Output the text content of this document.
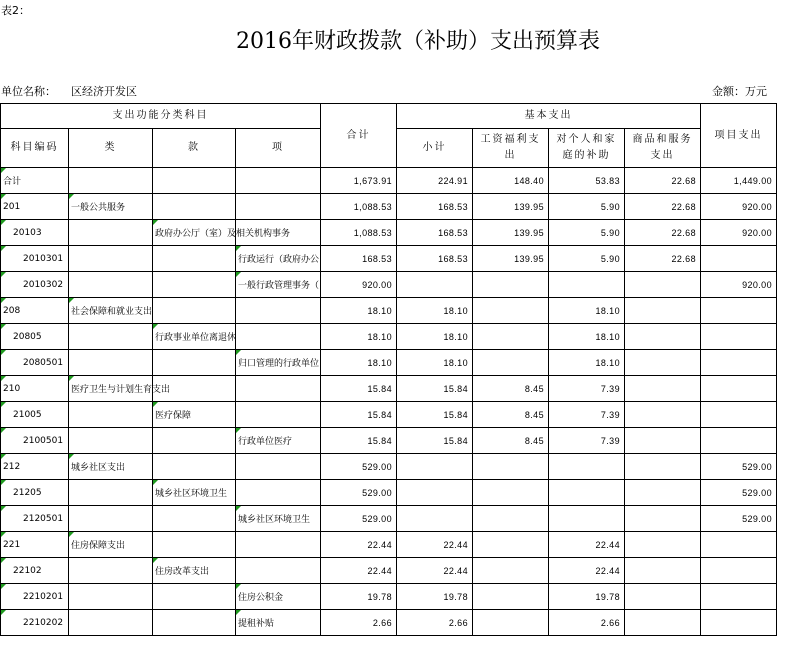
表2：
2016年财政拨款（补助）支出预算表
单位名称： 区经济开发区	金额：万元
支出功能分类科目				合计	基本支出				项目支出
科目编码	类	款	项		小计	工资福利支出	对个人和家庭的补助	商品和服务支出	
合计				1,673.91	224.91	148.40	53.83	22.68	1,449.00
201	一般公共服务			1,088.53	168.53	139.95	5.90	22.68	920.00
20103		政府办公厅（室）及相关机构事务		1,088.53	168.53	139.95	5.90	22.68	920.00
2010301			行政运行（政府办公	168.53	168.53	139.95	5.90	22.68	
2010302			一般行政管理事务（	920.00					920.00
208	社会保障和就业支出			18.10	18.10		18.10		
20805		行政事业单位离退休		18.10	18.10		18.10		
2080501			归口管理的行政单位	18.10	18.10		18.10		
210	医疗卫生与计划生育支出			15.84	15.84	8.45	7.39		
21005		医疗保障		15.84	15.84	8.45	7.39		
2100501			行政单位医疗	15.84	15.84	8.45	7.39		
212	城乡社区支出			529.00					529.00
21205		城乡社区环境卫生		529.00					529.00
2120501			城乡社区环境卫生	529.00					529.00
221	住房保障支出			22.44	22.44		22.44		
22102		住房改革支出		22.44	22.44		22.44		
2210201			住房公积金	19.78	19.78		19.78		
2210202			提租补贴	2.66	2.66		2.66		
